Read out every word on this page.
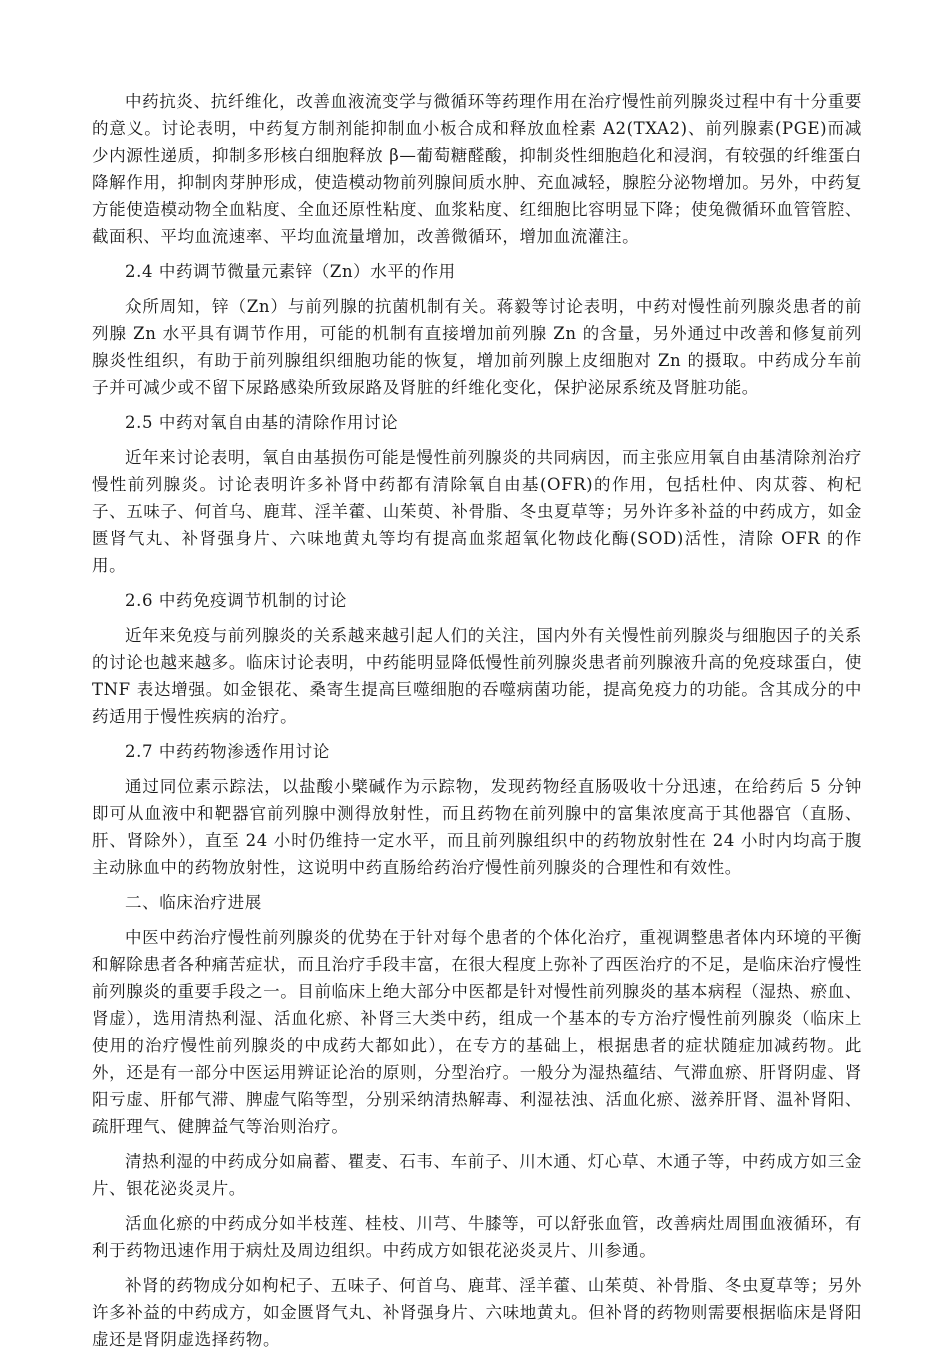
中药抗炎、抗纤维化，改善血液流变学与微循环等药理作用在治疗慢性前列腺炎过程中有十分重要的意义。讨论表明，中药复方制剂能抑制血小板合成和释放血栓素 A2(TXA2)、前列腺素(PGE)而减少内源性递质，抑制多形核白细胞释放 β—葡萄糖醛酸，抑制炎性细胞趋化和浸润，有较强的纤维蛋白降解作用，抑制肉芽肿形成，使造模动物前列腺间质水肿、充血减轻，腺腔分泌物增加。另外，中药复方能使造模动物全血粘度、全血还原性粘度、血浆粘度、红细胞比容明显下降；使兔微循环血管管腔、截面积、平均血流速率、平均血流量增加，改善微循环，增加血流灌注。

2.4 中药调节微量元素锌（Zn）水平的作用

众所周知，锌（Zn）与前列腺的抗菌机制有关。蒋毅等讨论表明，中药对慢性前列腺炎患者的前列腺 Zn 水平具有调节作用，可能的机制有直接增加前列腺 Zn 的含量，另外通过中改善和修复前列腺炎性组织，有助于前列腺组织细胞功能的恢复，增加前列腺上皮细胞对 Zn 的摄取。中药成分车前子并可减少或不留下尿路感染所致尿路及肾脏的纤维化变化，保护泌尿系统及肾脏功能。

2.5 中药对氧自由基的清除作用讨论

近年来讨论表明，氧自由基损伤可能是慢性前列腺炎的共同病因，而主张应用氧自由基清除剂治疗慢性前列腺炎。讨论表明许多补肾中药都有清除氧自由基(OFR)的作用，包括杜仲、肉苁蓉、枸杞子、五味子、何首乌、鹿茸、淫羊藿、山茱萸、补骨脂、冬虫夏草等；另外许多补益的中药成方，如金匮肾气丸、补肾强身片、六味地黄丸等均有提高血浆超氧化物歧化酶(SOD)活性，清除 OFR 的作用。

2.6 中药免疫调节机制的讨论

近年来免疫与前列腺炎的关系越来越引起人们的关注，国内外有关慢性前列腺炎与细胞因子的关系的讨论也越来越多。临床讨论表明，中药能明显降低慢性前列腺炎患者前列腺液升高的免疫球蛋白，使 TNF 表达增强。如金银花、桑寄生提高巨噬细胞的吞噬病菌功能，提高免疫力的功能。含其成分的中药适用于慢性疾病的治疗。

2.7 中药药物渗透作用讨论

通过同位素示踪法，以盐酸小檗碱作为示踪物，发现药物经直肠吸收十分迅速，在给药后 5 分钟即可从血液中和靶器官前列腺中测得放射性，而且药物在前列腺中的富集浓度高于其他器官（直肠、肝、肾除外），直至 24 小时仍维持一定水平，而且前列腺组织中的药物放射性在 24 小时内均高于腹主动脉血中的药物放射性，这说明中药直肠给药治疗慢性前列腺炎的合理性和有效性。

二、临床治疗进展

中医中药治疗慢性前列腺炎的优势在于针对每个患者的个体化治疗，重视调整患者体内环境的平衡和解除患者各种痛苦症状，而且治疗手段丰富，在很大程度上弥补了西医治疗的不足，是临床治疗慢性前列腺炎的重要手段之一。目前临床上绝大部分中医都是针对慢性前列腺炎的基本病程（湿热、瘀血、肾虚），选用清热利湿、活血化瘀、补肾三大类中药，组成一个基本的专方治疗慢性前列腺炎（临床上使用的治疗慢性前列腺炎的中成药大都如此），在专方的基础上，根据患者的症状随症加减药物。此外，还是有一部分中医运用辨证论治的原则，分型治疗。一般分为湿热蕴结、气滞血瘀、肝肾阴虚、肾阳亏虚、肝郁气滞、脾虚气陷等型，分别采纳清热解毒、利湿祛浊、活血化瘀、滋养肝肾、温补肾阳、疏肝理气、健脾益气等治则治疗。

清热利湿的中药成分如扁蓄、瞿麦、石韦、车前子、川木通、灯心草、木通子等，中药成方如三金片、银花泌炎灵片。

活血化瘀的中药成分如半枝莲、桂枝、川芎、牛膝等，可以舒张血管，改善病灶周围血液循环，有利于药物迅速作用于病灶及周边组织。中药成方如银花泌炎灵片、川参通。

补肾的药物成分如枸杞子、五味子、何首乌、鹿茸、淫羊藿、山茱萸、补骨脂、冬虫夏草等；另外许多补益的中药成方，如金匮肾气丸、补肾强身片、六味地黄丸。但补肾的药物则需要根据临床是肾阳虚还是肾阴虚选择药物。
